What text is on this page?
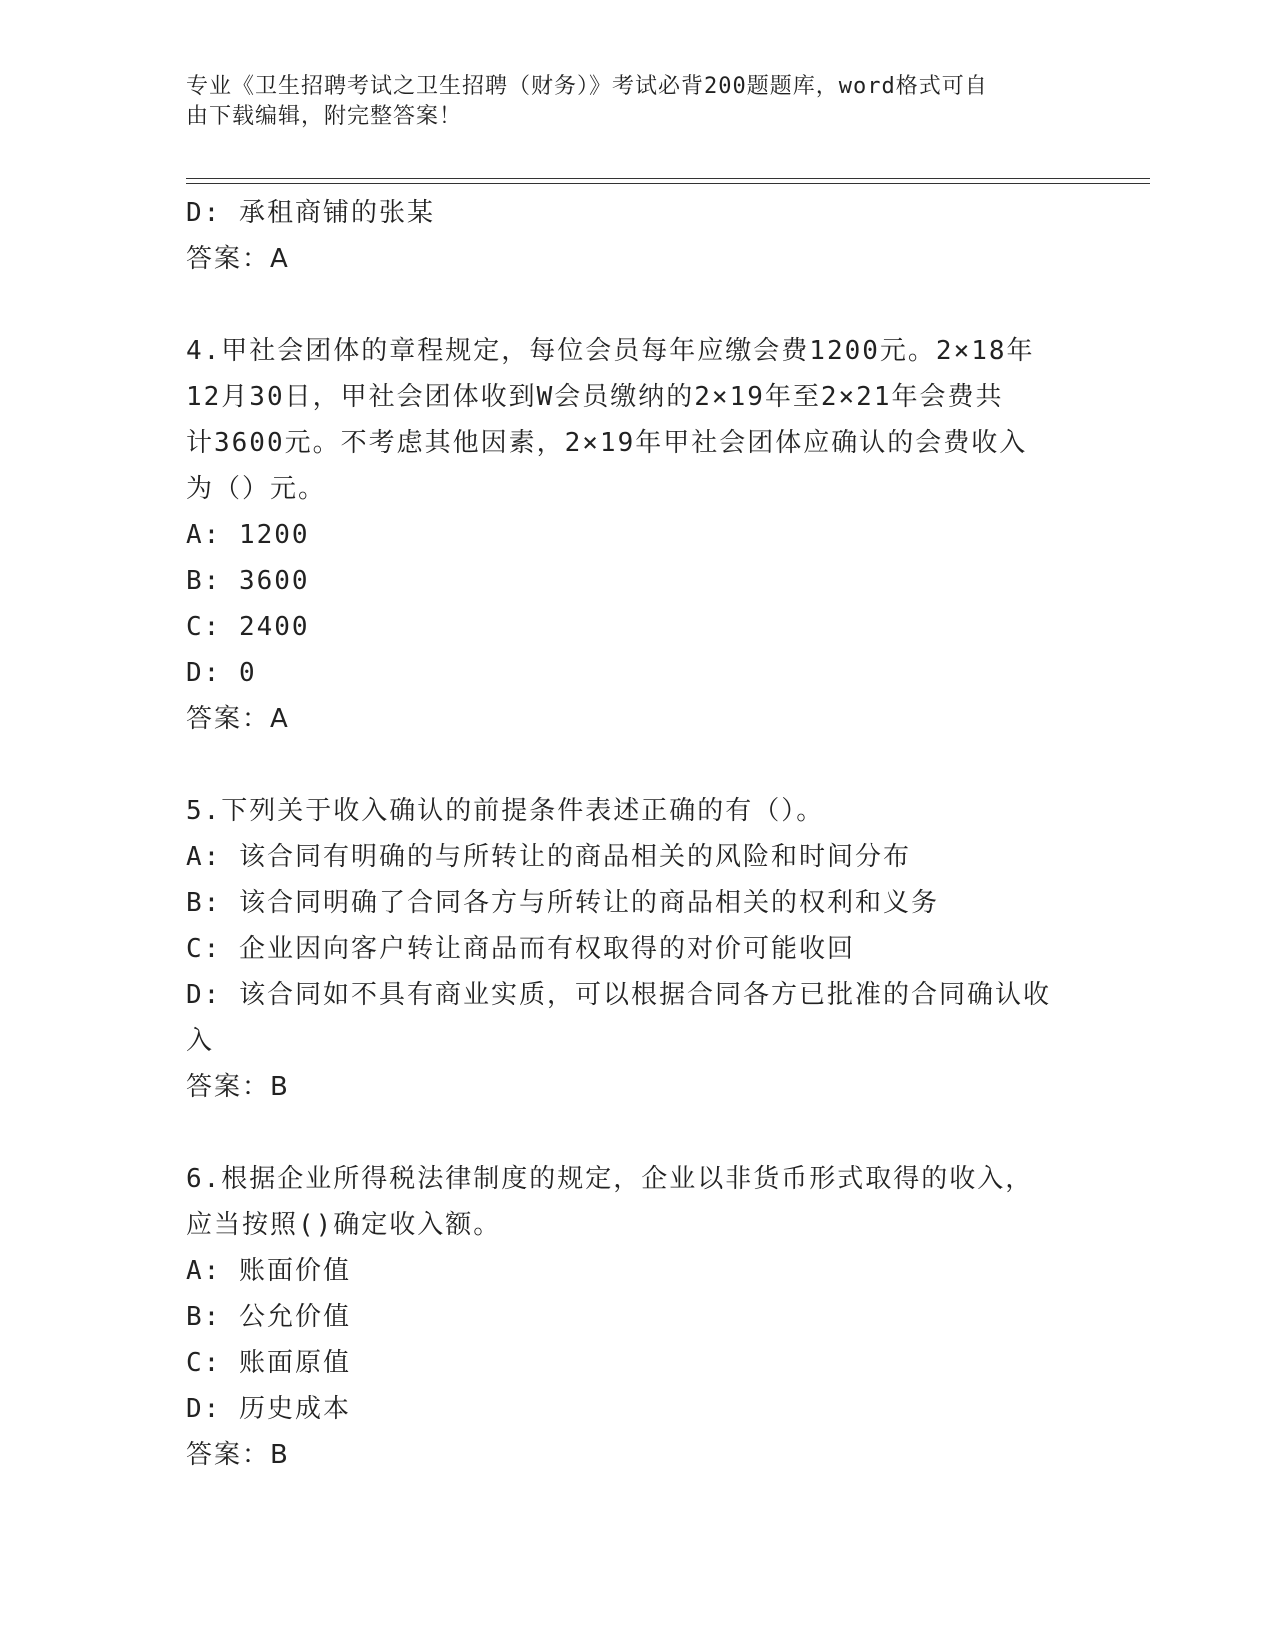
专业《卫生招聘考试之卫生招聘（财务）》考试必背200题题库，word格式可自
由下载编辑，附完整答案！

D: 承租商铺的张某

答案：A

4.甲社会团体的章程规定，每位会员每年应缴会费1200元。2×18年

12月30日，甲社会团体收到W会员缴纳的2×19年至2×21年会费共

计3600元。不考虑其他因素，2×19年甲社会团体应确认的会费收入

为（）元。

A: 1200

B: 3600

C: 2400

D: 0

答案：A

5.下列关于收入确认的前提条件表述正确的有（）。

A: 该合同有明确的与所转让的商品相关的风险和时间分布

B: 该合同明确了合同各方与所转让的商品相关的权利和义务

C: 企业因向客户转让商品而有权取得的对价可能收回

D: 该合同如不具有商业实质，可以根据合同各方已批准的合同确认收

入

答案：B

6.根据企业所得税法律制度的规定，企业以非货币形式取得的收入，

应当按照()确定收入额。

A: 账面价值

B: 公允价值

C: 账面原值

D: 历史成本

答案：B
